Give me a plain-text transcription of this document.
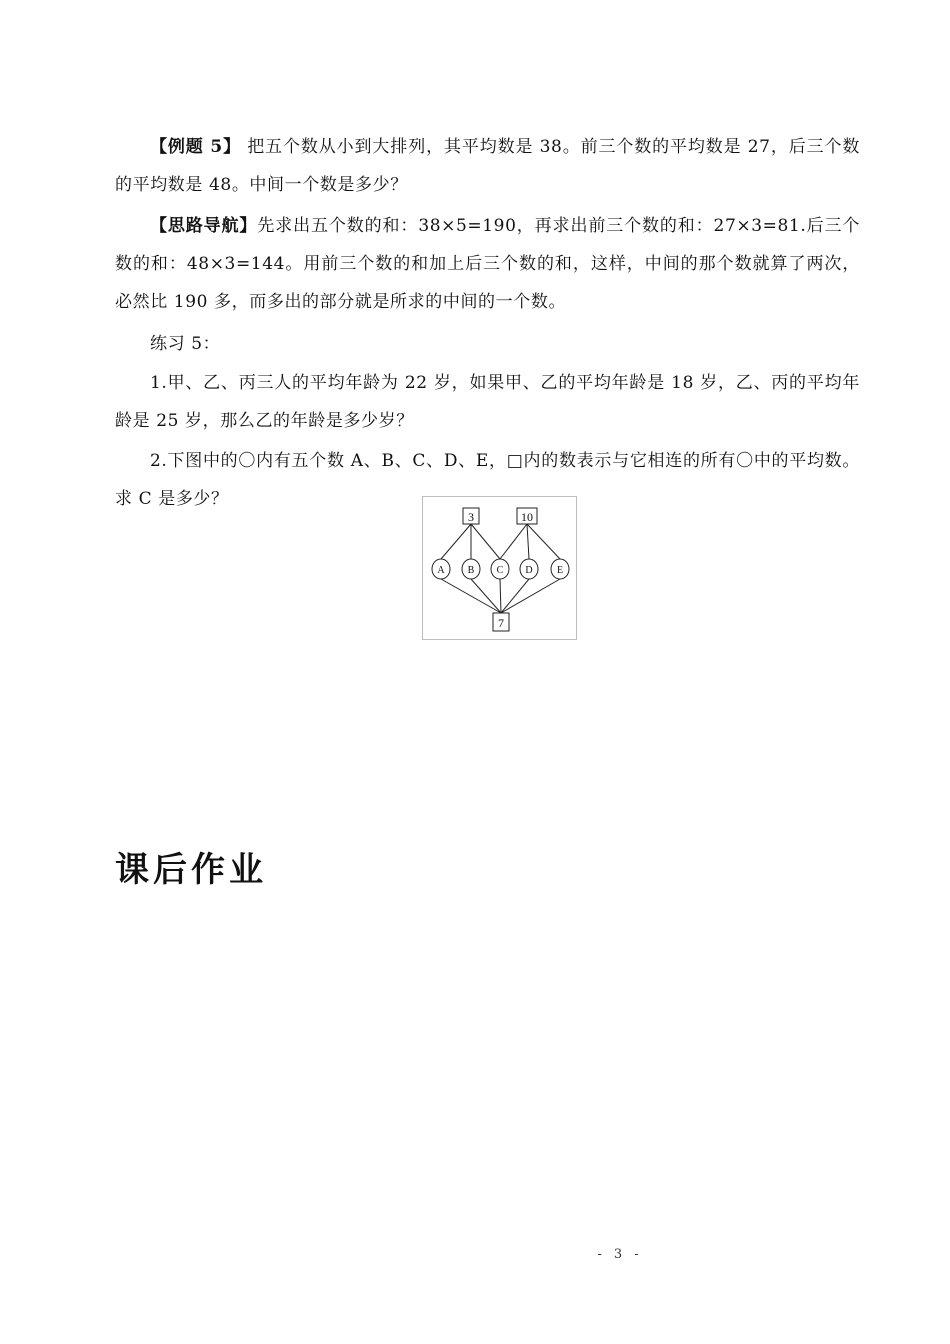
【例题 5】 把五个数从小到大排列，其平均数是 38。前三个数的平均数是 27，后三个数的平均数是 48。中间一个数是多少？

【思路导航】先求出五个数的和：38×5=190，再求出前三个数的和：27×3=81.后三个数的和：48×3=144。用前三个数的和加上后三个数的和，这样，中间的那个数就算了两次，必然比 190 多，而多出的部分就是所求的中间的一个数。

练习 5：

1.甲、乙、丙三人的平均年龄为 22 岁，如果甲、乙的平均年龄是 18 岁，乙、丙的平均年龄是 25 岁，那么乙的年龄是多少岁？

2.下图中的〇内有五个数 A、B、C、D、E，□内的数表示与它相连的所有〇中的平均数。求 C 是多少？

3	10
A B C D E
7
课后作业
- 3 -
